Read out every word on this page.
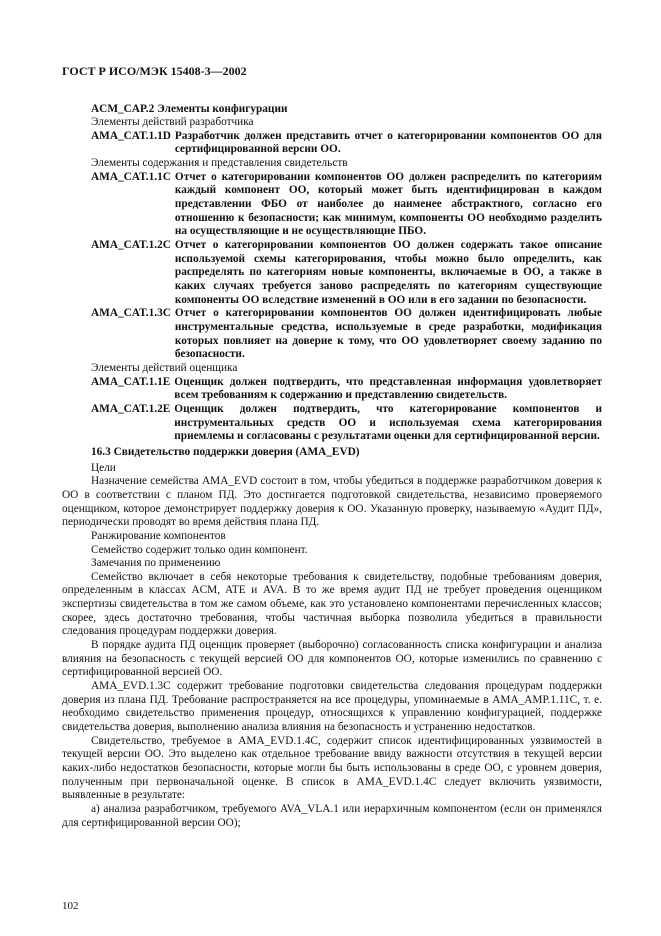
ГОСТ Р ИСО/МЭК 15408-3—2002
ACM_CAP.2 Элементы конфигурации
Элементы действий разработчика
AMA_CAT.1.1D Разработчик должен представить отчет о категорировании компонентов ОО для сертифицированной версии ОО.
Элементы содержания и представления свидетельств
AMA_CAT.1.1C Отчет о категорировании компонентов ОО должен распределить по категориям каждый компонент ОО, который может быть идентифицирован в каждом представлении ФБО от наиболее до наименее абстрактного, согласно его отношению к безопасности; как минимум, компоненты ОО необходимо разделить на осуществляющие и не осуществляющие ПБО.
AMA_CAT.1.2C Отчет о категорировании компонентов ОО должен содержать такое описание используемой схемы категорирования, чтобы можно было определить, как распределять по категориям новые компоненты, включаемые в ОО, а также в каких случаях требуется заново распределять по категориям существующие компоненты ОО вследствие изменений в ОО или в его задании по безопасности.
AMA_CAT.1.3C Отчет о категорировании компонентов ОО должен идентифицировать любые инструментальные средства, используемые в среде разработки, модификация которых повлияет на доверие к тому, что ОО удовлетворяет своему заданию по безопасности.
Элементы действий оценщика
AMA_CAT.1.1E Оценщик должен подтвердить, что представленная информация удовлетворяет всем требованиям к содержанию и представлению свидетельств.
AMA_CAT.1.2E Оценщик должен подтвердить, что категорирование компонентов и инструментальных средств ОО и используемая схема категорирования приемлемы и согласованы с результатами оценки для сертифицированной версии.
16.3 Свидетельство поддержки доверия (AMA_EVD)
Цели

Назначение семейства AMA_EVD состоит в том, чтобы убедиться в поддержке разработчиком доверия к ОО в соответствии с планом ПД. Это достигается подготовкой свидетельства, независимо проверяемого оценщиком, которое демонстрирует поддержку доверия к ОО. Указанную проверку, называемую «Аудит ПД», периодически проводят во время действия плана ПД.

Ранжирование компонентов

Семейство содержит только один компонент.

Замечания по применению

Семейство включает в себя некоторые требования к свидетельству, подобные требованиям доверия, определенным в классах ACM, ATE и AVA. В то же время аудит ПД не требует проведения оценщиком экспертизы свидетельства в том же самом объеме, как это установлено компонентами перечисленных классов; скорее, здесь достаточно требования, чтобы частичная выборка позволила убедиться в правильности следования процедурам поддержки доверия.

В порядке аудита ПД оценщик проверяет (выборочно) согласованность списка конфигурации и анализа влияния на безопасность с текущей версией ОО для компонентов ОО, которые изменились по сравнению с сертифицированной версией ОО.

AMA_EVD.1.3C содержит требование подготовки свидетельства следования процедурам поддержки доверия из плана ПД. Требование распространяется на все процедуры, упоминаемые в AMA_AMP.1.11C, т. е. необходимо свидетельство применения процедур, относящихся к управлению конфигурацией, поддержке свидетельства доверия, выполнению анализа влияния на безопасность и устранению недостатков.

Свидетельство, требуемое в AMA_EVD.1.4C, содержит список идентифицированных уязвимостей в текущей версии ОО. Это выделено как отдельное требование ввиду важности отсутствия в текущей версии каких-либо недостатков безопасности, которые могли бы быть использованы в среде ОО, с уровнем доверия, полученным при первоначальной оценке. В список в AMA_EVD.1.4C следует включить уязвимости, выявленные в результате:

а) анализа разработчиком, требуемого AVA_VLA.1 или иерархичным компонентом (если он применялся для сертифицированной версии ОО);

102
